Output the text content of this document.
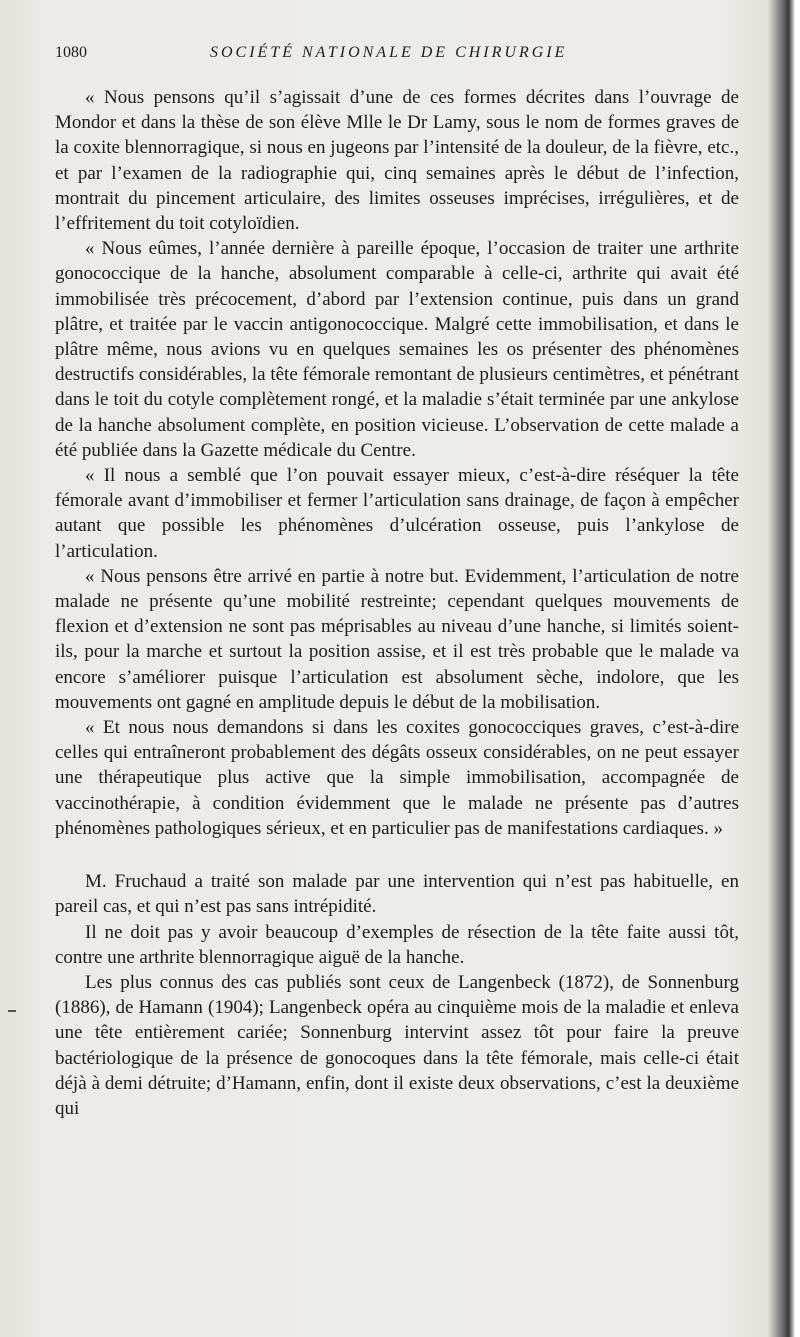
1080	SOCIÉTÉ NATIONALE DE CHIRURGIE

« Nous pensons qu’il s’agissait d’une de ces formes décrites dans l’ouvrage de Mondor et dans la thèse de son élève Mlle le Dr Lamy, sous le nom de formes graves de la coxite blennorragique, si nous en jugeons par l’intensité de la douleur, de la fièvre, etc., et par l’examen de la radiographie qui, cinq semaines après le début de l’infection, montrait du pincement articulaire, des limites osseuses imprécises, irrégulières, et de l’effritement du toit cotyloïdien.

« Nous eûmes, l’année dernière à pareille époque, l’occasion de traiter une arthrite gonococcique de la hanche, absolument comparable à celle-ci, arthrite qui avait été immobilisée très précocement, d’abord par l’extension continue, puis dans un grand plâtre, et traitée par le vaccin antigonococcique. Malgré cette immobilisation, et dans le plâtre même, nous avions vu en quelques semaines les os présenter des phénomènes destructifs considérables, la tête fémorale remontant de plusieurs centimètres, et pénétrant dans le toit du cotyle complètement rongé, et la maladie s’était terminée par une ankylose de la hanche absolument complète, en position vicieuse. L’observation de cette malade a été publiée dans la Gazette médicale du Centre.

« Il nous a semblé que l’on pouvait essayer mieux, c’est-à-dire réséquer la tête fémorale avant d’immobiliser et fermer l’articulation sans drainage, de façon à empêcher autant que possible les phénomènes d’ulcération osseuse, puis l’ankylose de l’articulation.

« Nous pensons être arrivé en partie à notre but. Evidemment, l’articulation de notre malade ne présente qu’une mobilité restreinte; cependant quelques mouvements de flexion et d’extension ne sont pas méprisables au niveau d’une hanche, si limités soient-ils, pour la marche et surtout la position assise, et il est très probable que le malade va encore s’améliorer puisque l’articulation est absolument sèche, indolore, que les mouvements ont gagné en amplitude depuis le début de la mobilisation.

« Et nous nous demandons si dans les coxites gonococciques graves, c’est-à-dire celles qui entraîneront probablement des dégâts osseux considérables, on ne peut essayer une thérapeutique plus active que la simple immobilisation, accompagnée de vaccinothérapie, à condition évidemment que le malade ne présente pas d’autres phénomènes pathologiques sérieux, et en particulier pas de manifestations cardiaques. »

M. Fruchaud a traité son malade par une intervention qui n’est pas habituelle, en pareil cas, et qui n’est pas sans intrépidité.

Il ne doit pas y avoir beaucoup d’exemples de résection de la tête faite aussi tôt, contre une arthrite blennorragique aiguë de la hanche.

Les plus connus des cas publiés sont ceux de Langenbeck (1872), de Sonnenburg (1886), de Hamann (1904); Langenbeck opéra au cinquième mois de la maladie et enleva une tête entièrement cariée; Sonnenburg intervint assez tôt pour faire la preuve bactériologique de la présence de gonocoques dans la tête fémorale, mais celle-ci était déjà à demi détruite; d’Hamann, enfin, dont il existe deux observations, c’est la deuxième qui
